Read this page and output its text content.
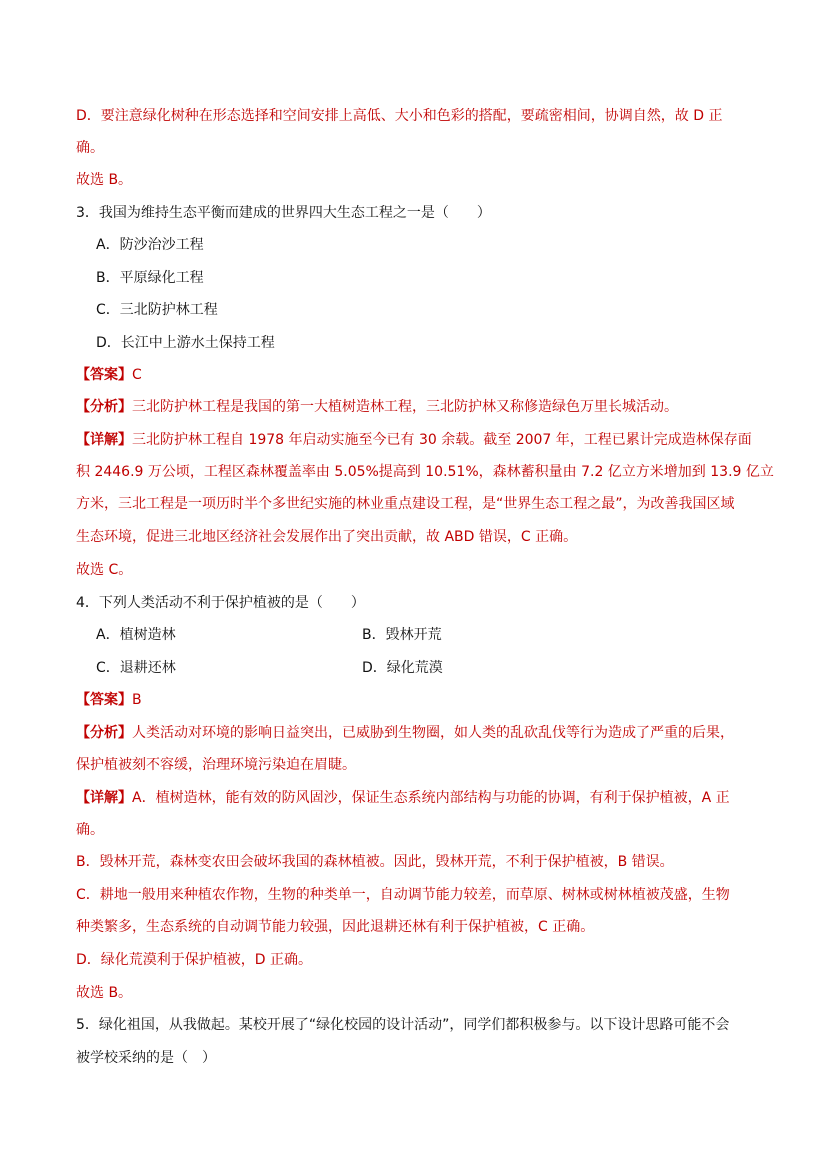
D．要注意绿化树种在形态选择和空间安排上高低、大小和色彩的搭配，要疏密相间，协调自然，故 D 正
确。
故选 B。
3．我国为维持生态平衡而建成的世界四大生态工程之一是（　　）
A．防沙治沙工程
B．平原绿化工程
C．三北防护林工程
D．长江中上游水土保持工程
【答案】C
【分析】三北防护林工程是我国的第一大植树造林工程，三北防护林又称修造绿色万里长城活动。
【详解】三北防护林工程自 1978 年启动实施至今已有 30 余载。截至 2007 年，工程已累计完成造林保存面
积 2446.9 万公顷，工程区森林覆盖率由 5.05%提高到 10.51%，森林蓄积量由 7.2 亿立方米增加到 13.9 亿立
方米，三北工程是一项历时半个多世纪实施的林业重点建设工程，是“世界生态工程之最”，为改善我国区域
生态环境，促进三北地区经济社会发展作出了突出贡献，故 ABD 错误，C 正确。
故选 C。
4．下列人类活动不利于保护植被的是（　　）
A．植树造林	B．毁林开荒
C．退耕还林	D．绿化荒漠
【答案】B
【分析】人类活动对环境的影响日益突出，已威胁到生物圈，如人类的乱砍乱伐等行为造成了严重的后果，
保护植被刻不容缓，治理环境污染迫在眉睫。
【详解】A．植树造林，能有效的防风固沙，保证生态系统内部结构与功能的协调，有利于保护植被，A 正
确。
B．毁林开荒，森林变农田会破坏我国的森林植被。因此，毁林开荒，不利于保护植被，B 错误。
C．耕地一般用来种植农作物，生物的种类单一，自动调节能力较差，而草原、树林或树林植被茂盛，生物
种类繁多，生态系统的自动调节能力较强，因此退耕还林有利于保护植被，C 正确。
D．绿化荒漠利于保护植被，D 正确。
故选 B。
5．绿化祖国，从我做起。某校开展了“绿化校园的设计活动”，同学们都积极参与。以下设计思路可能不会
被学校采纳的是（　）
